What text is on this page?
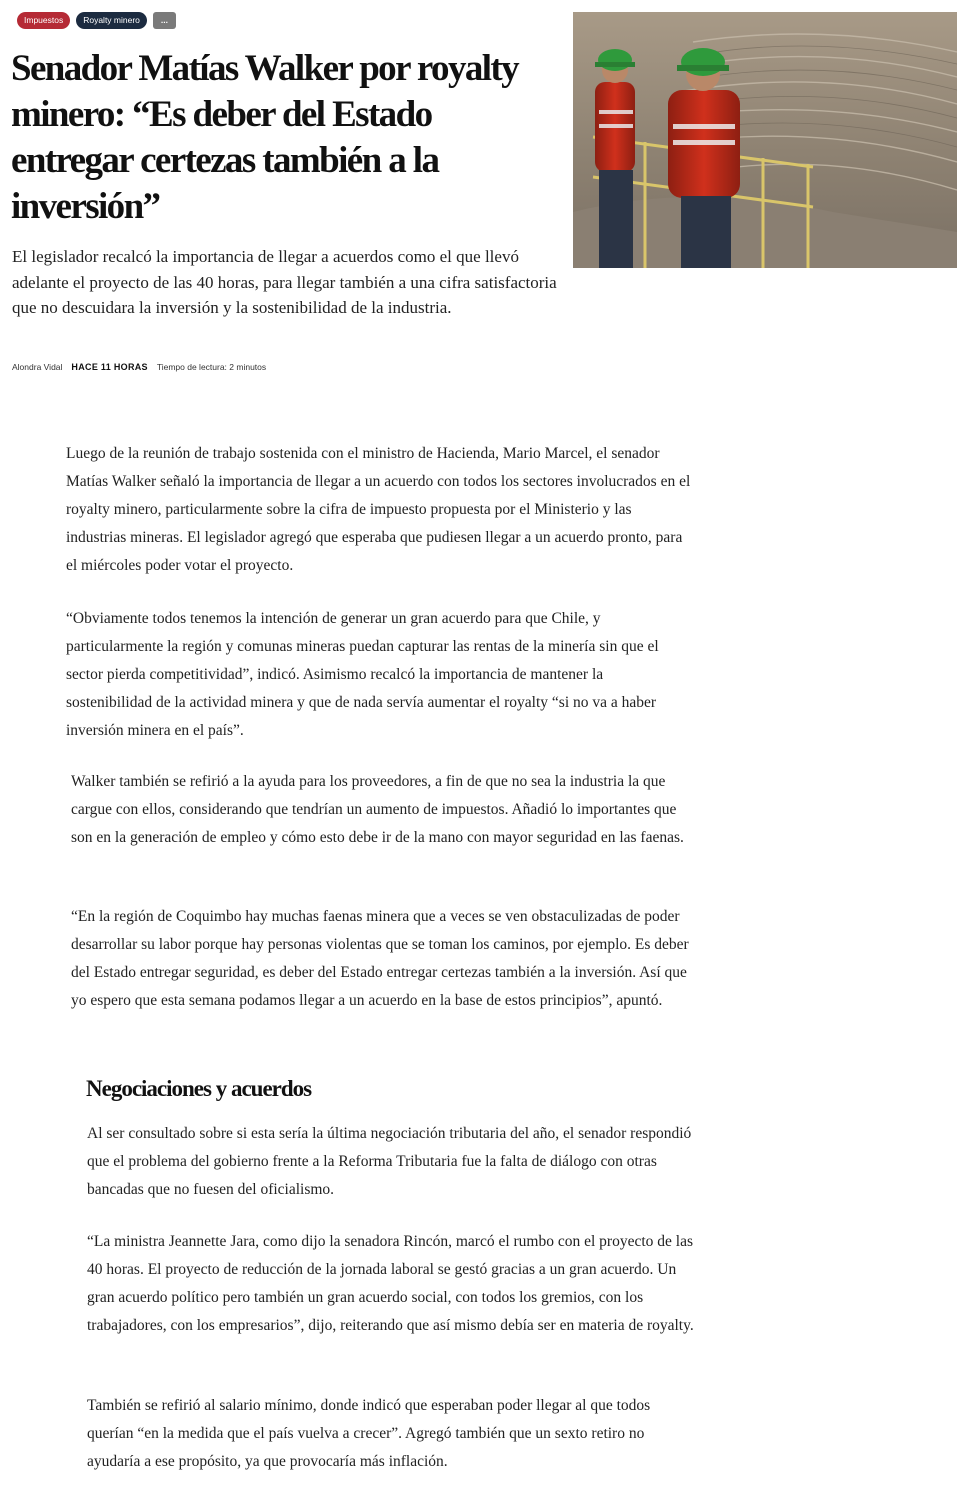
Impuestos	Royalty minero	...
Senador Matías Walker por royalty minero: “Es deber del Estado entregar certezas también a la inversión”

El legislador recalcó la importancia de llegar a acuerdos como el que llevó adelante el proyecto de las 40 horas, para llegar también a una cifra satisfactoria que no descuidara la inversión y la sostenibilidad de la industria.

Alondra Vidal HACE 11 HORAS Tiempo de lectura: 2 minutos

Luego de la reunión de trabajo sostenida con el ministro de Hacienda, Mario Marcel, el senador Matías Walker señaló la importancia de llegar a un acuerdo con todos los sectores involucrados en el royalty minero, particularmente sobre la cifra de impuesto propuesta por el Ministerio y las industrias mineras. El legislador agregó que esperaba que pudiesen llegar a un acuerdo pronto, para el miércoles poder votar el proyecto.

“Obviamente todos tenemos la intención de generar un gran acuerdo para que Chile, y particularmente la región y comunas mineras puedan capturar las rentas de la minería sin que el sector pierda competitividad”, indicó. Asimismo recalcó la importancia de mantener la sostenibilidad de la actividad minera y que de nada servía aumentar el royalty “si no va a haber inversión minera en el país”.

Walker también se refirió a la ayuda para los proveedores, a fin de que no sea la industria la que cargue con ellos, considerando que tendrían un aumento de impuestos. Añadió lo importantes que son en la generación de empleo y cómo esto debe ir de la mano con mayor seguridad en las faenas.

“En la región de Coquimbo hay muchas faenas minera que a veces se ven obstaculizadas de poder desarrollar su labor porque hay personas violentas que se toman los caminos, por ejemplo. Es deber del Estado entregar seguridad, es deber del Estado entregar certezas también a la inversión. Así que yo espero que esta semana podamos llegar a un acuerdo en la base de estos principios”, apuntó.

Negociaciones y acuerdos

Al ser consultado sobre si esta sería la última negociación tributaria del año, el senador respondió que el problema del gobierno frente a la Reforma Tributaria fue la falta de diálogo con otras bancadas que no fuesen del oficialismo.

“La ministra Jeannette Jara, como dijo la senadora Rincón, marcó el rumbo con el proyecto de las 40 horas. El proyecto de reducción de la jornada laboral se gestó gracias a un gran acuerdo. Un gran acuerdo político pero también un gran acuerdo social, con todos los gremios, con los trabajadores, con los empresarios”, dijo, reiterando que así mismo debía ser en materia de royalty.

También se refirió al salario mínimo, donde indicó que esperaban poder llegar al que todos querían “en la medida que el país vuelva a crecer”. Agregó también que un sexto retiro no ayudaría a ese propósito, ya que provocaría más inflación.
